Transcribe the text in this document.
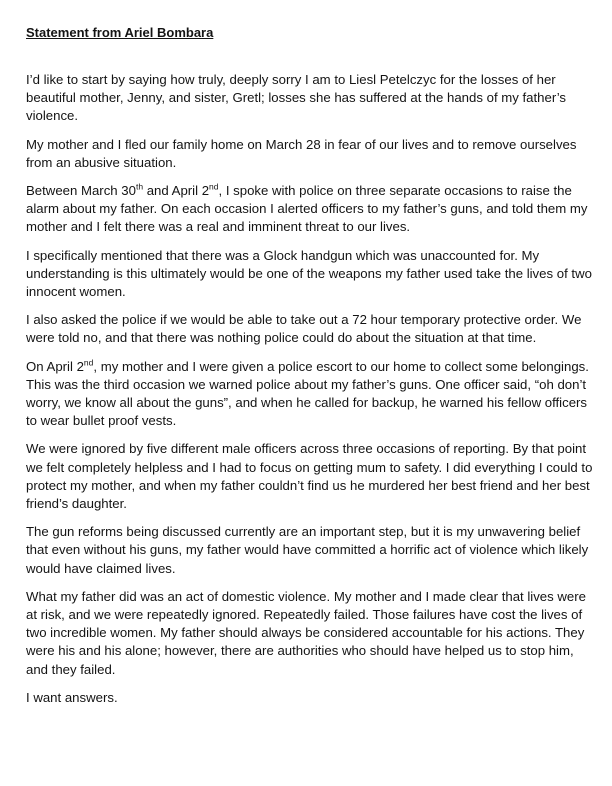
Statement from Ariel Bombara

I’d like to start by saying how truly, deeply sorry I am to Liesl Petelczyc for the losses of her beautiful mother, Jenny, and sister, Gretl; losses she has suffered at the hands of my father’s violence.

My mother and I fled our family home on March 28 in fear of our lives and to remove ourselves from an abusive situation.

Between March 30th and April 2nd, I spoke with police on three separate occasions to raise the alarm about my father. On each occasion I alerted officers to my father’s guns, and told them my mother and I felt there was a real and imminent threat to our lives.

I specifically mentioned that there was a Glock handgun which was unaccounted for. My understanding is this ultimately would be one of the weapons my father used take the lives of two innocent women.

I also asked the police if we would be able to take out a 72 hour temporary protective order. We were told no, and that there was nothing police could do about the situation at that time.

On April 2nd, my mother and I were given a police escort to our home to collect some belongings. This was the third occasion we warned police about my father’s guns. One officer said, “oh don’t worry, we know all about the guns”, and when he called for backup, he warned his fellow officers to wear bullet proof vests.

We were ignored by five different male officers across three occasions of reporting. By that point we felt completely helpless and I had to focus on getting mum to safety. I did everything I could to protect my mother, and when my father couldn’t find us he murdered her best friend and her best friend’s daughter.

The gun reforms being discussed currently are an important step, but it is my unwavering belief that even without his guns, my father would have committed a horrific act of violence which likely would have claimed lives.

What my father did was an act of domestic violence. My mother and I made clear that lives were at risk, and we were repeatedly ignored. Repeatedly failed. Those failures have cost the lives of two incredible women. My father should always be considered accountable for his actions. They were his and his alone; however, there are authorities who should have helped us to stop him, and they failed.

I want answers.
